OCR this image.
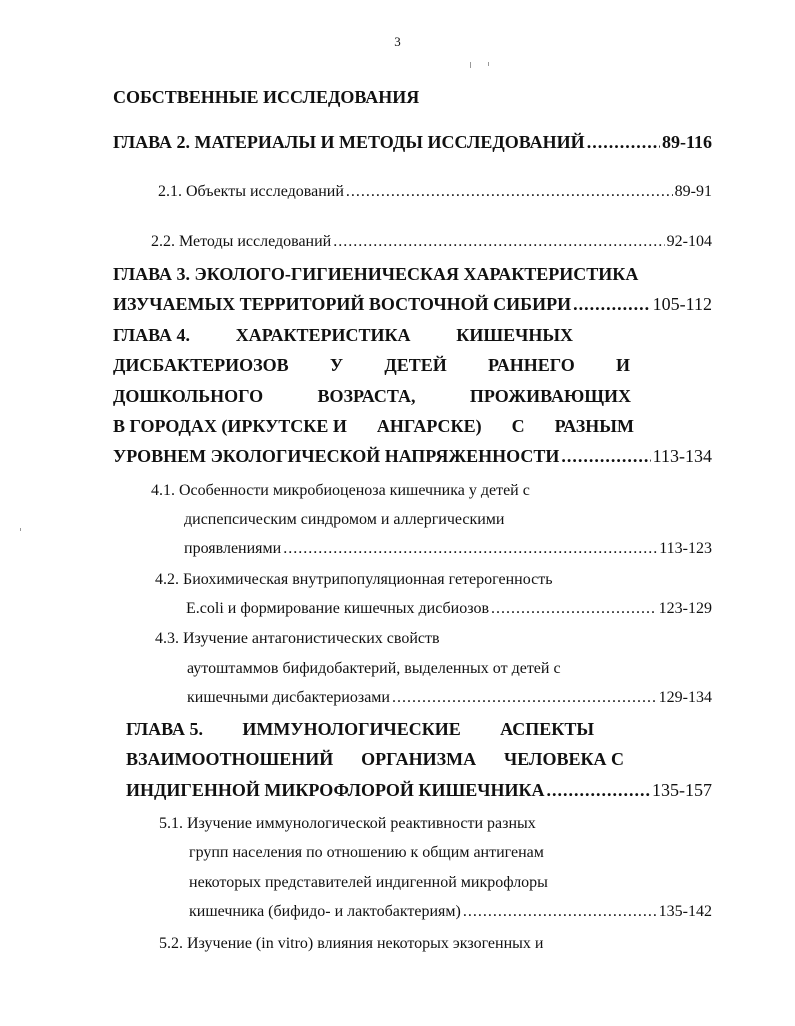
3
СОБСТВЕННЫЕ ИССЛЕДОВАНИЯ
ГЛАВА 2. МАТЕРИАЛЫ И МЕТОДЫ ИССЛЕДОВАНИЙ .....	89-116
2.1. Объекты исследований .....	89-91
2.2. Методы исследований .....	92-104
ГЛАВА 3. ЭКОЛОГО-ГИГИЕНИЧЕСКАЯ ХАРАКТЕРИСТИКА
ИЗУЧАЕМЫХ ТЕРРИТОРИЙ ВОСТОЧНОЙ СИБИРИ .....	105-112
ГЛАВА 4.	ХАРАКТЕРИСТИКА	КИШЕЧНЫХ
ДИСБАКТЕРИОЗОВ У ДЕТЕЙ РАННЕГО И
ДОШКОЛЬНОГО	ВОЗРАСТА,	ПРОЖИВАЮЩИХ
В ГОРОДАХ (ИРКУТСКЕ И АНГАРСКЕ) С РАЗНЫМ
УРОВНЕМ ЭКОЛОГИЧЕСКОЙ НАПРЯЖЕННОСТИ .....	113-134
4.1. Особенности микробиоценоза кишечника у детей с
диспепсическим синдромом и аллергическими
проявлениями .....	113-123
4.2. Биохимическая внутрипопуляционная гетерогенность
E.coli и формирование кишечных дисбиозов .....	123-129
4.3. Изучение антагонистических свойств
аутоштаммов бифидобактерий, выделенных от детей с
кишечными дисбактериозами .....	129-134
ГЛАВА 5. ИММУНОЛОГИЧЕСКИЕ АСПЕКТЫ
ВЗАИМООТНОШЕНИЙ ОРГАНИЗМА ЧЕЛОВЕКА С
ИНДИГЕННОЙ МИКРОФЛОРОЙ КИШЕЧНИКА .....	135-157
5.1. Изучение иммунологической реактивности разных
групп населения по отношению к общим антигенам
некоторых представителей индигенной микрофлоры
кишечника (бифидо- и лактобактериям) .....	135-142
5.2. Изучение (in vitro) влияния некоторых экзогенных и
